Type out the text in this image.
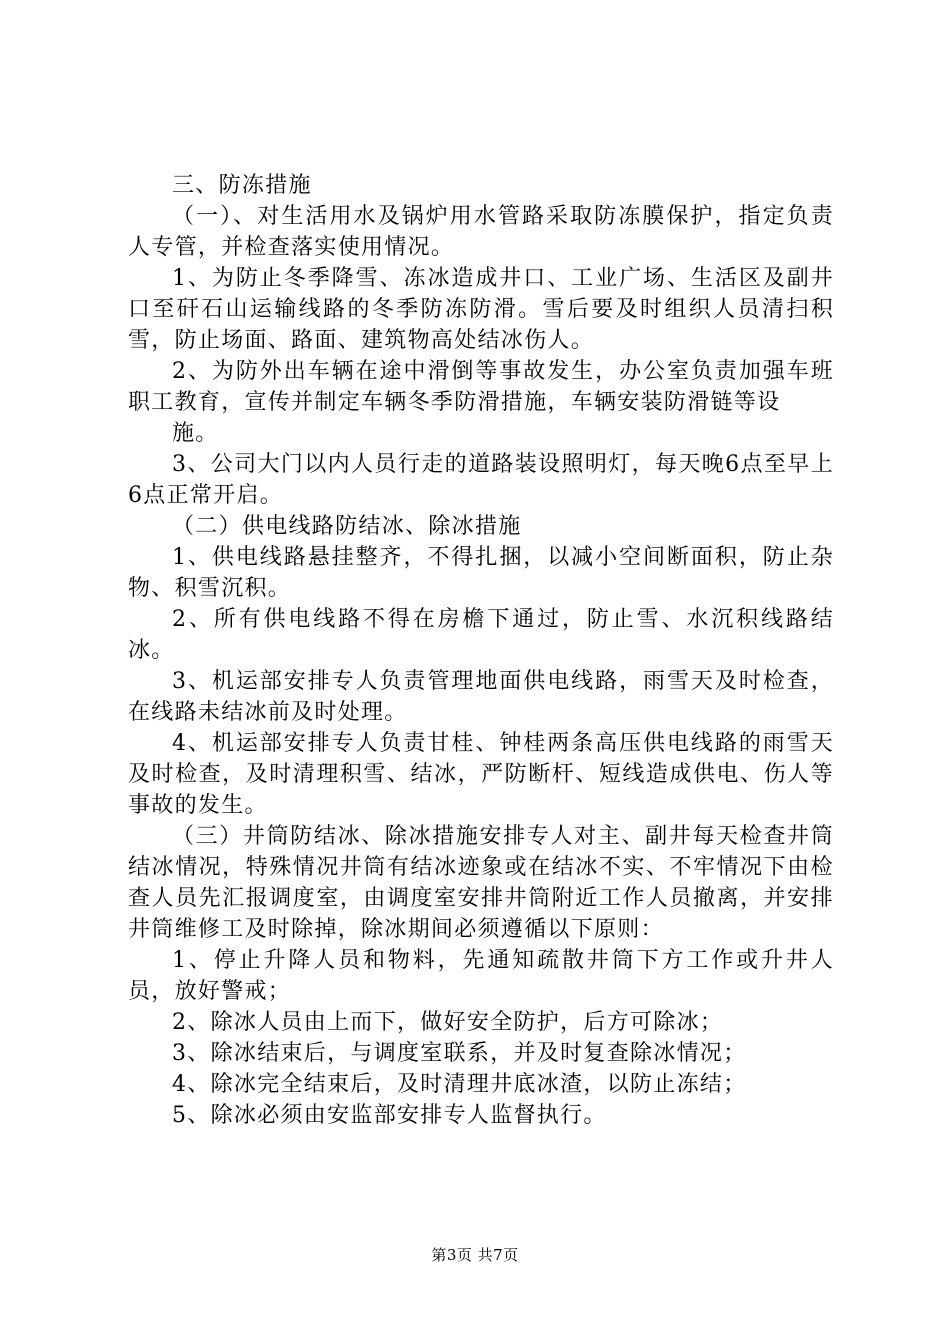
三、防冻措施

（一）、对生活用水及锅炉用水管路采取防冻膜保护，指定负责人专管，并检查落实使用情况。

1、为防止冬季降雪、冻冰造成井口、工业广场、生活区及副井口至矸石山运输线路的冬季防冻防滑。雪后要及时组织人员清扫积雪，防止场面、路面、建筑物高处结冰伤人。

2、为防外出车辆在途中滑倒等事故发生，办公室负责加强车班职工教育，宣传并制定车辆冬季防滑措施，车辆安装防滑链等设

施。

3、公司大门以内人员行走的道路装设照明灯，每天晚6点至早上6点正常开启。

（二）供电线路防结冰、除冰措施

1、供电线路悬挂整齐，不得扎捆，以减小空间断面积，防止杂物、积雪沉积。

2、所有供电线路不得在房檐下通过，防止雪、水沉积线路结冰。

3、机运部安排专人负责管理地面供电线路，雨雪天及时检查，在线路未结冰前及时处理。

4、机运部安排专人负责甘桂、钟桂两条高压供电线路的雨雪天及时检查，及时清理积雪、结冰，严防断杆、短线造成供电、伤人等事故的发生。

（三）井筒防结冰、除冰措施安排专人对主、副井每天检查井筒结冰情况，特殊情况井筒有结冰迹象或在结冰不实、不牢情况下由检查人员先汇报调度室，由调度室安排井筒附近工作人员撤离，并安排井筒维修工及时除掉，除冰期间必须遵循以下原则：

1、停止升降人员和物料，先通知疏散井筒下方工作或升井人员，放好警戒；

2、除冰人员由上而下，做好安全防护，后方可除冰；

3、除冰结束后，与调度室联系，并及时复查除冰情况；

4、除冰完全结束后，及时清理井底冰渣，以防止冻结；

5、除冰必须由安监部安排专人监督执行。

第3页 共7页
